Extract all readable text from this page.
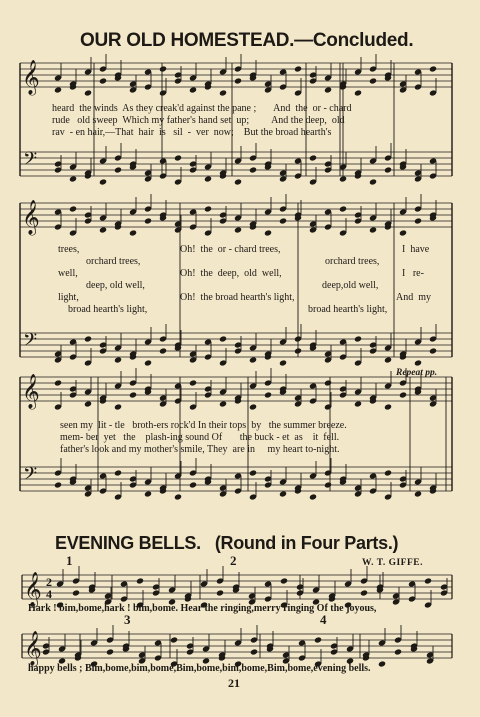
OUR OLD HOMESTEAD.—Concluded.
𝄞
𝄢
𝄞
𝄢
𝄞
𝄢
𝄞
𝄞
2
4
heard  the winds  As they creak'd against the pane ;       And  the  or - chard
rude   old sweep  Which my father's hand set  up;         And the deep,  old
rav  - en hair,—That  hair  is   sil  -  ver  now;    But the broad hearth's
trees,	Oh!  the  or - chard trees,	I  have
orchard trees,	orchard trees,
well,	Oh!  the  deep,  old  well,	I   re-
deep, old well,	deep,old well,
light,	Oh!  the broad hearth's light,	And  my
broad hearth's light,	broad hearth's light,
Repeat pp.
seen my  lit - tle   broth-ers rock'd In their tops  by   the summer breeze.
mem- ber  yet   the    plash-ing sound Of       the buck - et  as    it  fell.
father's look and my mother's smile, They  are in     my heart to-night.
EVENING BELLS. (Round in Four Parts.)
W. T. GIFFE.
1	2
3	4
Hark ! bim,bome,hark ! bim,bome. Hear the ringing,merry ringing Of the joyous,
happy bells ; Bim,bome,bim,bome,Bim,bome,bim,bome,Bim,bome,evening bells.
21
